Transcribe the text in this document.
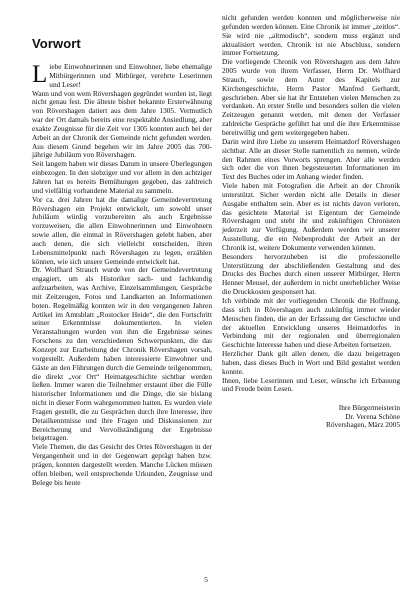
Vorwort

Liebe Einwohnerinnen und Einwohner, liebe ehemalige Mitbürgerinnen und Mitbürger, verehrte Leserinnen und Leser!

Wann und von wem Rövershagen gegründet worden ist, liegt nicht genau fest. Die älteste bisher bekannte Ersterwähnung von Rövershagen datiert aus dem Jahre 1305. Vermutlich war der Ort damals bereits eine respektable Ansiedlung, aber exakte Zeugnisse für die Zeit vor 1305 konnten auch bei der Arbeit an der Chronik der Gemeinde nicht gefunden werden. Aus diesem Grund begehen wir im Jahre 2005 das 700-jährige Jubiläum von Rövershagen.

Seit langem haben wir dieses Datum in unsere Überlegungen einbezogen. In den siebziger und vor allem in den achtziger Jahren hat es bereits Bemühungen gegeben, das zahlreich und vielfältig vorhandene Material zu sammeln.

Vor ca. drei Jahren hat die damalige Gemeindevertretung Rövershagen ein Projekt entwickelt, um sowohl unser Jubiläum würdig vorzubereiten als auch Ergebnisse vorzuweisen, die allen Einwohnerinnen und Einwohnern sowie allen, die einmal in Rövershagen gelebt haben, aber auch denen, die sich vielleicht entscheiden, ihren Lebensmittelpunkt nach Rövershagen zu legen, erzählen können, wie sich unsere Gemeinde entwickelt hat.

Dr. Wolfhard Strauch wurde von der Gemeindevertretung engagiert, um als Historiker sach- und fachkundig aufzuarbeiten, was Archive, Einzelsammlungen, Gespräche mit Zeitzeugen, Fotos und Landkarten an Informationen boten. Regelmäßig konnten wir in den vergangenen Jahren Artikel im Amtsblatt „Rostocker Heide“, die den Fortschritt seiner Erkenntnisse dokumentierten. In vielen Veranstaltungen wurden von ihm die Ergebnisse seines Forschens zu den verschiedenen Schwerpunkten, die das Konzept zur Erarbeitung der Chronik Rövershagen vorsah, vorgestellt. Außerdem haben interessierte Einwohner und Gäste an den Führungen durch die Gemeinde teilgenommen, die direkt „vor Ort“ Heimatgeschichte sichtbar werden ließen. Immer waren die Teilnehmer erstaunt über die Fülle historischer Informationen und die Dinge, die sie bislang nicht in dieser Form wahrgenommen hatten. Es wurden viele Fragen gestellt, die zu Gesprächen durch ihre Interesse, ihre Detailkenntnisse und ihre Fragen und Diskussionen zur Bereicherung und Vervollständigung der Ergebnisse beigetragen.

Viele Themen, die das Gesicht des Ortes Rövershagen in der Vergangenheit und in der Gegenwart geprägt haben bzw. prägen, konnten dargestellt werden. Manche Lücken müssen offen bleiben, weil entsprechende Urkunden, Zeugnisse und Belege bis heute

nicht gefunden werden konnten und möglicherweise nie gefunden werden können. Eine Chronik ist immer „zeitlos“. Sie wird nie „altmodisch“, sondern muss ergänzt und aktualisiert werden. Chronik ist nie Abschluss, sondern immer Fortsetzung.

Die vorliegende Chronik von Rövershagen aus dem Jahre 2005 wurde von ihrem Verfasser, Herrn Dr. Wolfhard Strauch, sowie dem Autor des Kapitels zur Kirchengeschichte, Herrn Pastor Manfred Gerhardt, geschrieben. Aber sie hat ihr Entstehen vielen Menschen zu verdanken. An erster Stelle und besonders sollen die vielen Zeitzeugen genannt werden, mit denen der Verfasser zahlreiche Gespräche geführt hat und die ihre Erkenntnisse bereitwillig und gern weitergegeben haben.

Darin wird ihre Liebe zu unserem Heimatdorf Rövershagen sichtbar. Alle an dieser Stelle namentlich zu nennen, würde den Rahmen eines Vorworts sprengen. Aber alle werden sich oder die von ihnen begesteuerten Informationen im Text des Buches oder im Anhang wieder finden.

Viele haben mit Fotografien die Arbeit an der Chronik unterstützt. Sicher werden nicht alle Details in dieser Ausgabe enthalten sein. Aber es ist nichts davon verloren, das gesichtete Material ist Eigentum der Gemeinde Rövershagen und steht ihr und zukünftigen Chronisten jederzeit zur Verfügung. Außerdem werden wir unserer Ausstellung, die ein Nebenprodukt der Arbeit an der Chronik ist, weitere Dokumente verwenden können.

Besonders hervorzuheben ist die professionelle Unterstützung der abschließenden Gestaltung und des Drucks des Buches durch einen unserer Mitbürger, Herrn Henner Meusel, der außerdem in nicht unerheblicher Weise die Druckkosten gesponsert hat.

Ich verbinde mit der vorliegenden Chronik die Hoffnung, dass sich in Rövershagen auch zukünftig immer wieder Menschen finden, die an der Erfassung der Geschichte und der aktuellen Entwicklung unseres Heimatdorfes in Verbindung mit der regionalen und überregionalen Geschichte Interesse haben und diese Arbeiten fortsetzen.

Herzlicher Dank gilt allen denen, die dazu beigetragen haben, dass dieses Buch in Wort und Bild gestaltet werden konnte.

Ihnen, liebe Leserinnen und Leser, wünsche ich Erbauung und Freude beim Lesen.

Ihre Bürgermeisterin
Dr. Verena Schöne
Rövershagen, März 2005
5
